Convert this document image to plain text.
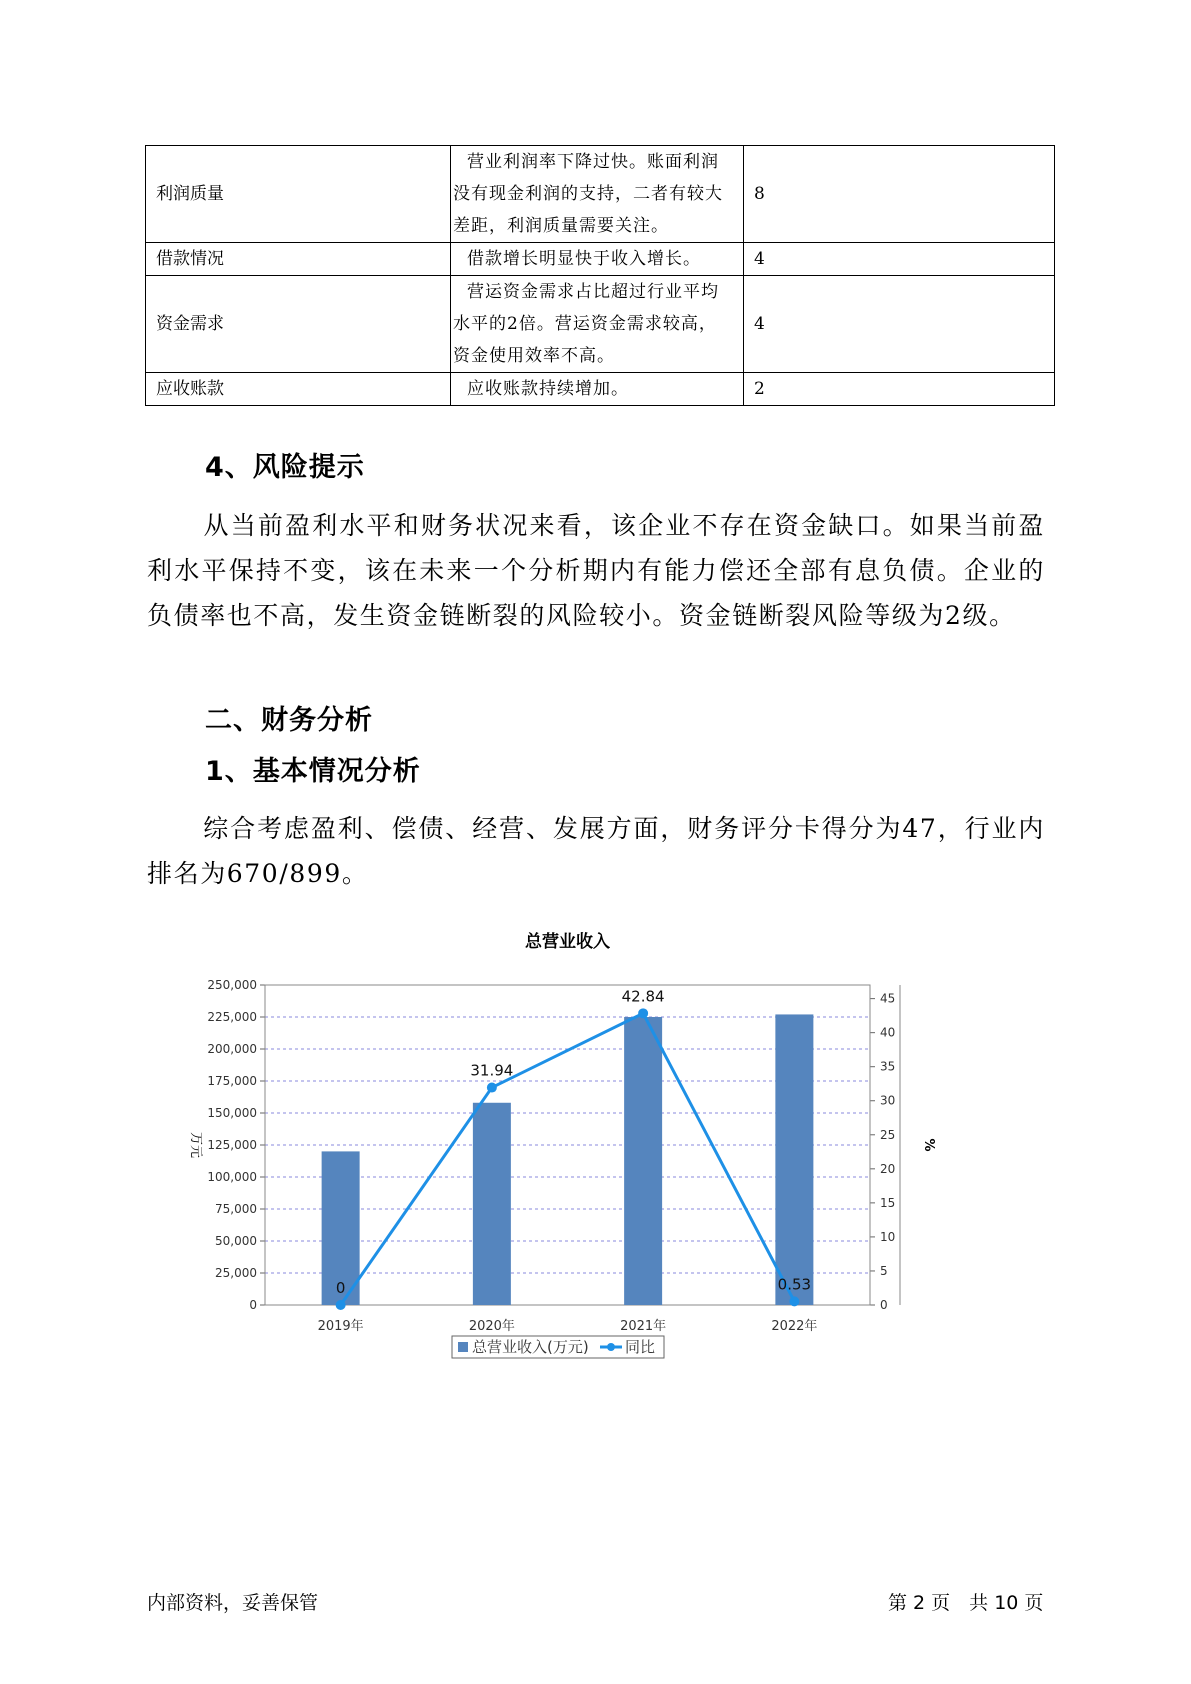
利润质量	营业利润率下降过快。账面利润
没有现金利润的支持，二者有较大
差距，利润质量需要关注。	8
借款情况	借款增长明显快于收入增长。	4
资金需求	营运资金需求占比超过行业平均
水平的2倍。营运资金需求较高，
资金使用效率不高。	4
应收账款	应收账款持续增加。	2
4、风险提示

从当前盈利水平和财务状况来看，该企业不存在资金缺口。如果当前盈利水平保持不变，该在未来一个分析期内有能力偿还全部有息负债。企业的负债率也不高，发生资金链断裂的风险较小。资金链断裂风险等级为2级。

二、财务分析
1、基本情况分析

综合考虑盈利、偿债、经营、发展方面，财务评分卡得分为47，行业内排名为670/899。

总营业收入
0
25,000
50,000
75,000
100,000
125,000
150,000
175,000
200,000
225,000
250,000
0
5
10
15
20
25
30
35
40
45
万元	%
2019年	2020年	2021年	2022年
0
31.94
42.84
0.53
总营业收入(万元) 同比
内部资料，妥善保管	第 2 页　共 10 页
